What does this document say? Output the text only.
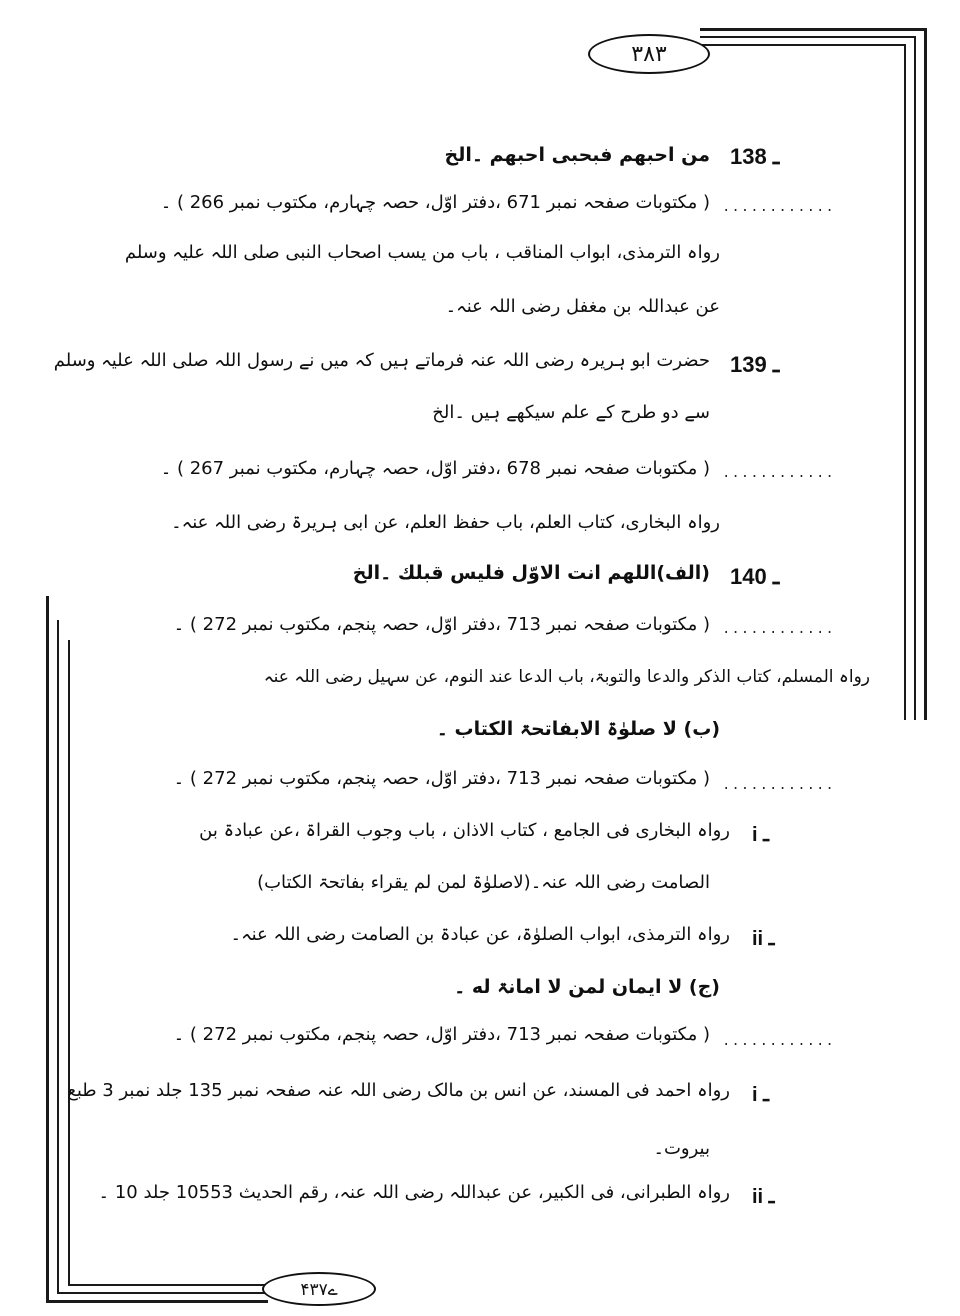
٣٨٣
۴۳۷ے
138 ـ
من احبهم فبحبی احبهم ۔الخ
............
( مکتوبات صفحہ نمبر 671 ،دفتر اوّل، حصہ چہارم، مکتوب نمبر 266 ) ۔
رواہ الترمذی، ابواب المناقب ، باب من یسب اصحاب النبی صلی اللہ علیہ وسلم
عن عبداللہ بن مغفل رضی اللہ عنہ۔
139 ـ
حضرت ابو ہریرہ رضی اللہ عنہ فرماتے ہیں کہ میں نے رسول اللہ صلی اللہ علیہ وسلم
سے دو طرح کے علم سیکھے ہیں ۔الخ
............
( مکتوبات صفحہ نمبر 678 ،دفتر اوّل، حصہ چہارم، مکتوب نمبر 267 ) ۔
رواہ البخاری، کتاب العلم، باب حفظ العلم، عن ابی ہریرۃ رضی اللہ عنہ۔
140 ـ
(الف)اللهم انت الاوّل فليس قبلك ۔الخ
............
( مکتوبات صفحہ نمبر 713 ،دفتر اوّل، حصہ پنجم، مکتوب نمبر 272 ) ۔
رواہ المسلم، کتاب الذکر والدعا والتوبۃ، باب الدعا عند النوم، عن سہیل رضی اللہ عنہ
(ب) لا صلوٰۃ الابفاتحۃ الكتاب ۔
............
( مکتوبات صفحہ نمبر 713 ،دفتر اوّل، حصہ پنجم، مکتوب نمبر 272 ) ۔
i ـ
رواہ البخاری فی الجامع ، کتاب الاذان ، باب وجوب القراۃ ،عن عبادۃ بن
الصامت رضی اللہ عنہ۔(لاصلوٰۃ لمن لم یقراء بفاتحۃ الکتاب)
ii ـ
رواہ الترمذی، ابواب الصلوٰۃ، عن عبادۃ بن الصامت رضی اللہ عنہ۔
(ج) لا ایمان لمن لا امانۃ له ۔
............
( مکتوبات صفحہ نمبر 713 ،دفتر اوّل، حصہ پنجم، مکتوب نمبر 272 ) ۔
i ـ
رواہ احمد فی المسند، عن انس بن مالک رضی اللہ عنہ صفحہ نمبر 135 جلد نمبر 3 طبع
بیروت۔
ii ـ
رواہ الطبرانی، فی الکبیر، عن عبداللہ رضی اللہ عنہ، رقم الحدیث 10553 جلد 10 ۔
